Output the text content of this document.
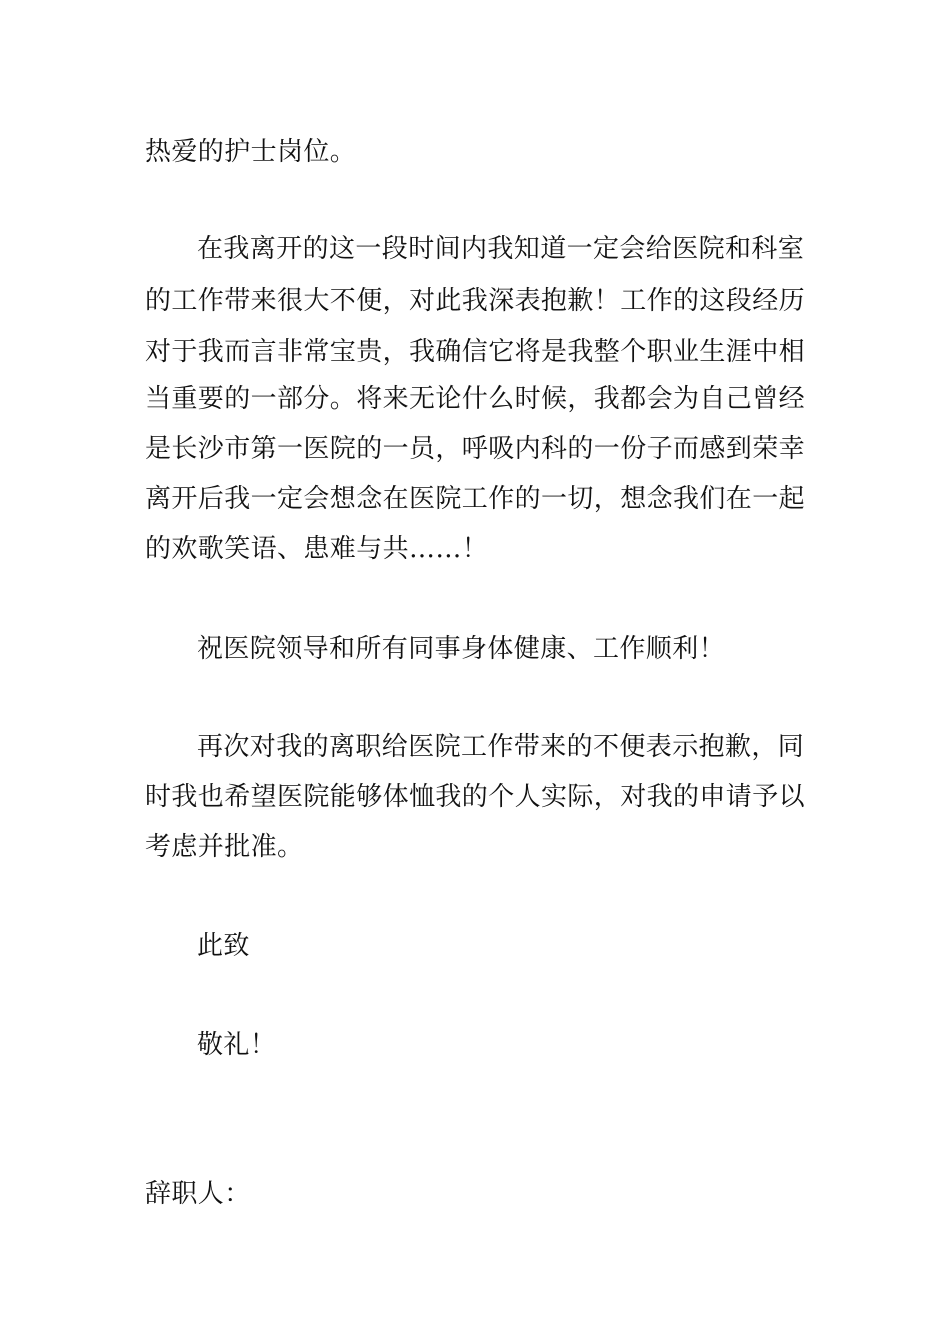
热爱的护士岗位。
在我离开的这一段时间内我知道一定会给医院和科室
的工作带来很大不便，对此我深表抱歉！工作的这段经历
对于我而言非常宝贵，我确信它将是我整个职业生涯中相
当重要的一部分。将来无论什么时候，我都会为自己曾经
是长沙市第一医院的一员，呼吸内科的一份子而感到荣幸
离开后我一定会想念在医院工作的一切，想念我们在一起
的欢歌笑语、患难与共……！
祝医院领导和所有同事身体健康、工作顺利！
再次对我的离职给医院工作带来的不便表示抱歉，同
时我也希望医院能够体恤我的个人实际，对我的申请予以
考虑并批准。
此致
敬礼！
辞职人：
